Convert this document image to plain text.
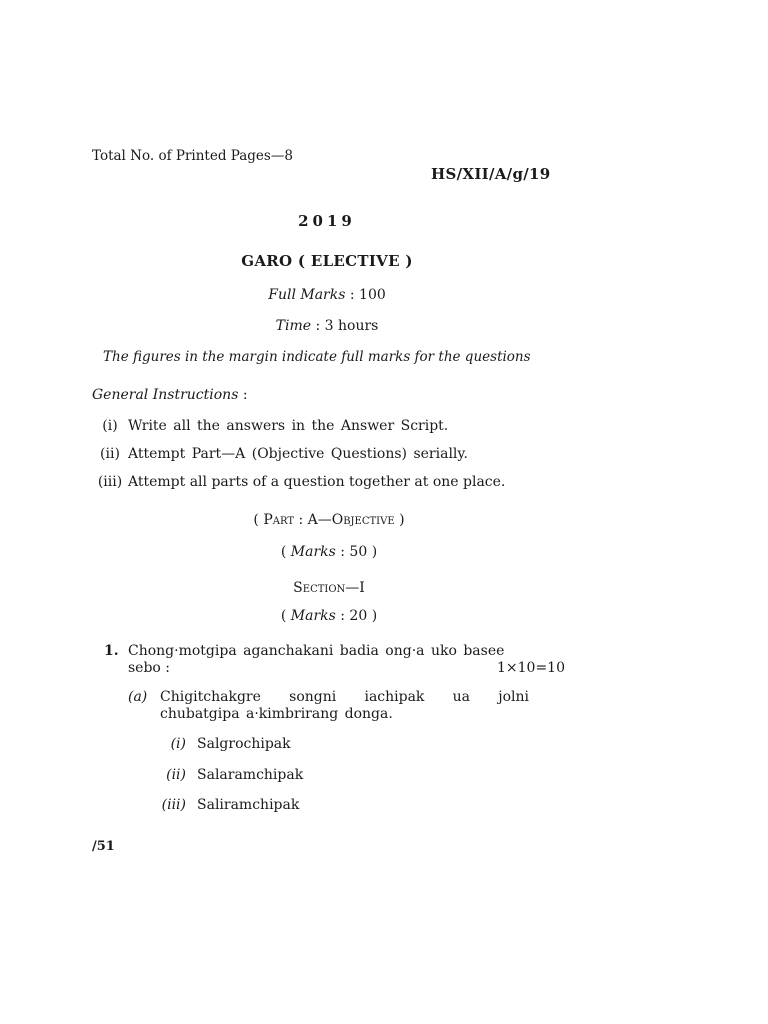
Total No. of Printed Pages—8
HS/XII/A/g/19
2019
GARO ( ELECTIVE )
Full Marks : 100
Time : 3 hours
The figures in the margin indicate full marks for the questions
General Instructions :
(i) Write all the answers in the Answer Script.
(ii) Attempt Part—A (Objective Questions) serially.
(iii) Attempt all parts of a question together at one place.
( Part : A—Objective )
( Marks : 50 )
Section—I
( Marks : 20 )
1. Chong·motgipa aganchakani badia ong·a uko basee
sebo :	1×10=10
(a) Chigitchakgre songni iachipak ua jolni
chubatgipa a·kimbrirang donga.
(i) Salgrochipak
(ii) Salaramchipak
(iii) Saliramchipak
/51
